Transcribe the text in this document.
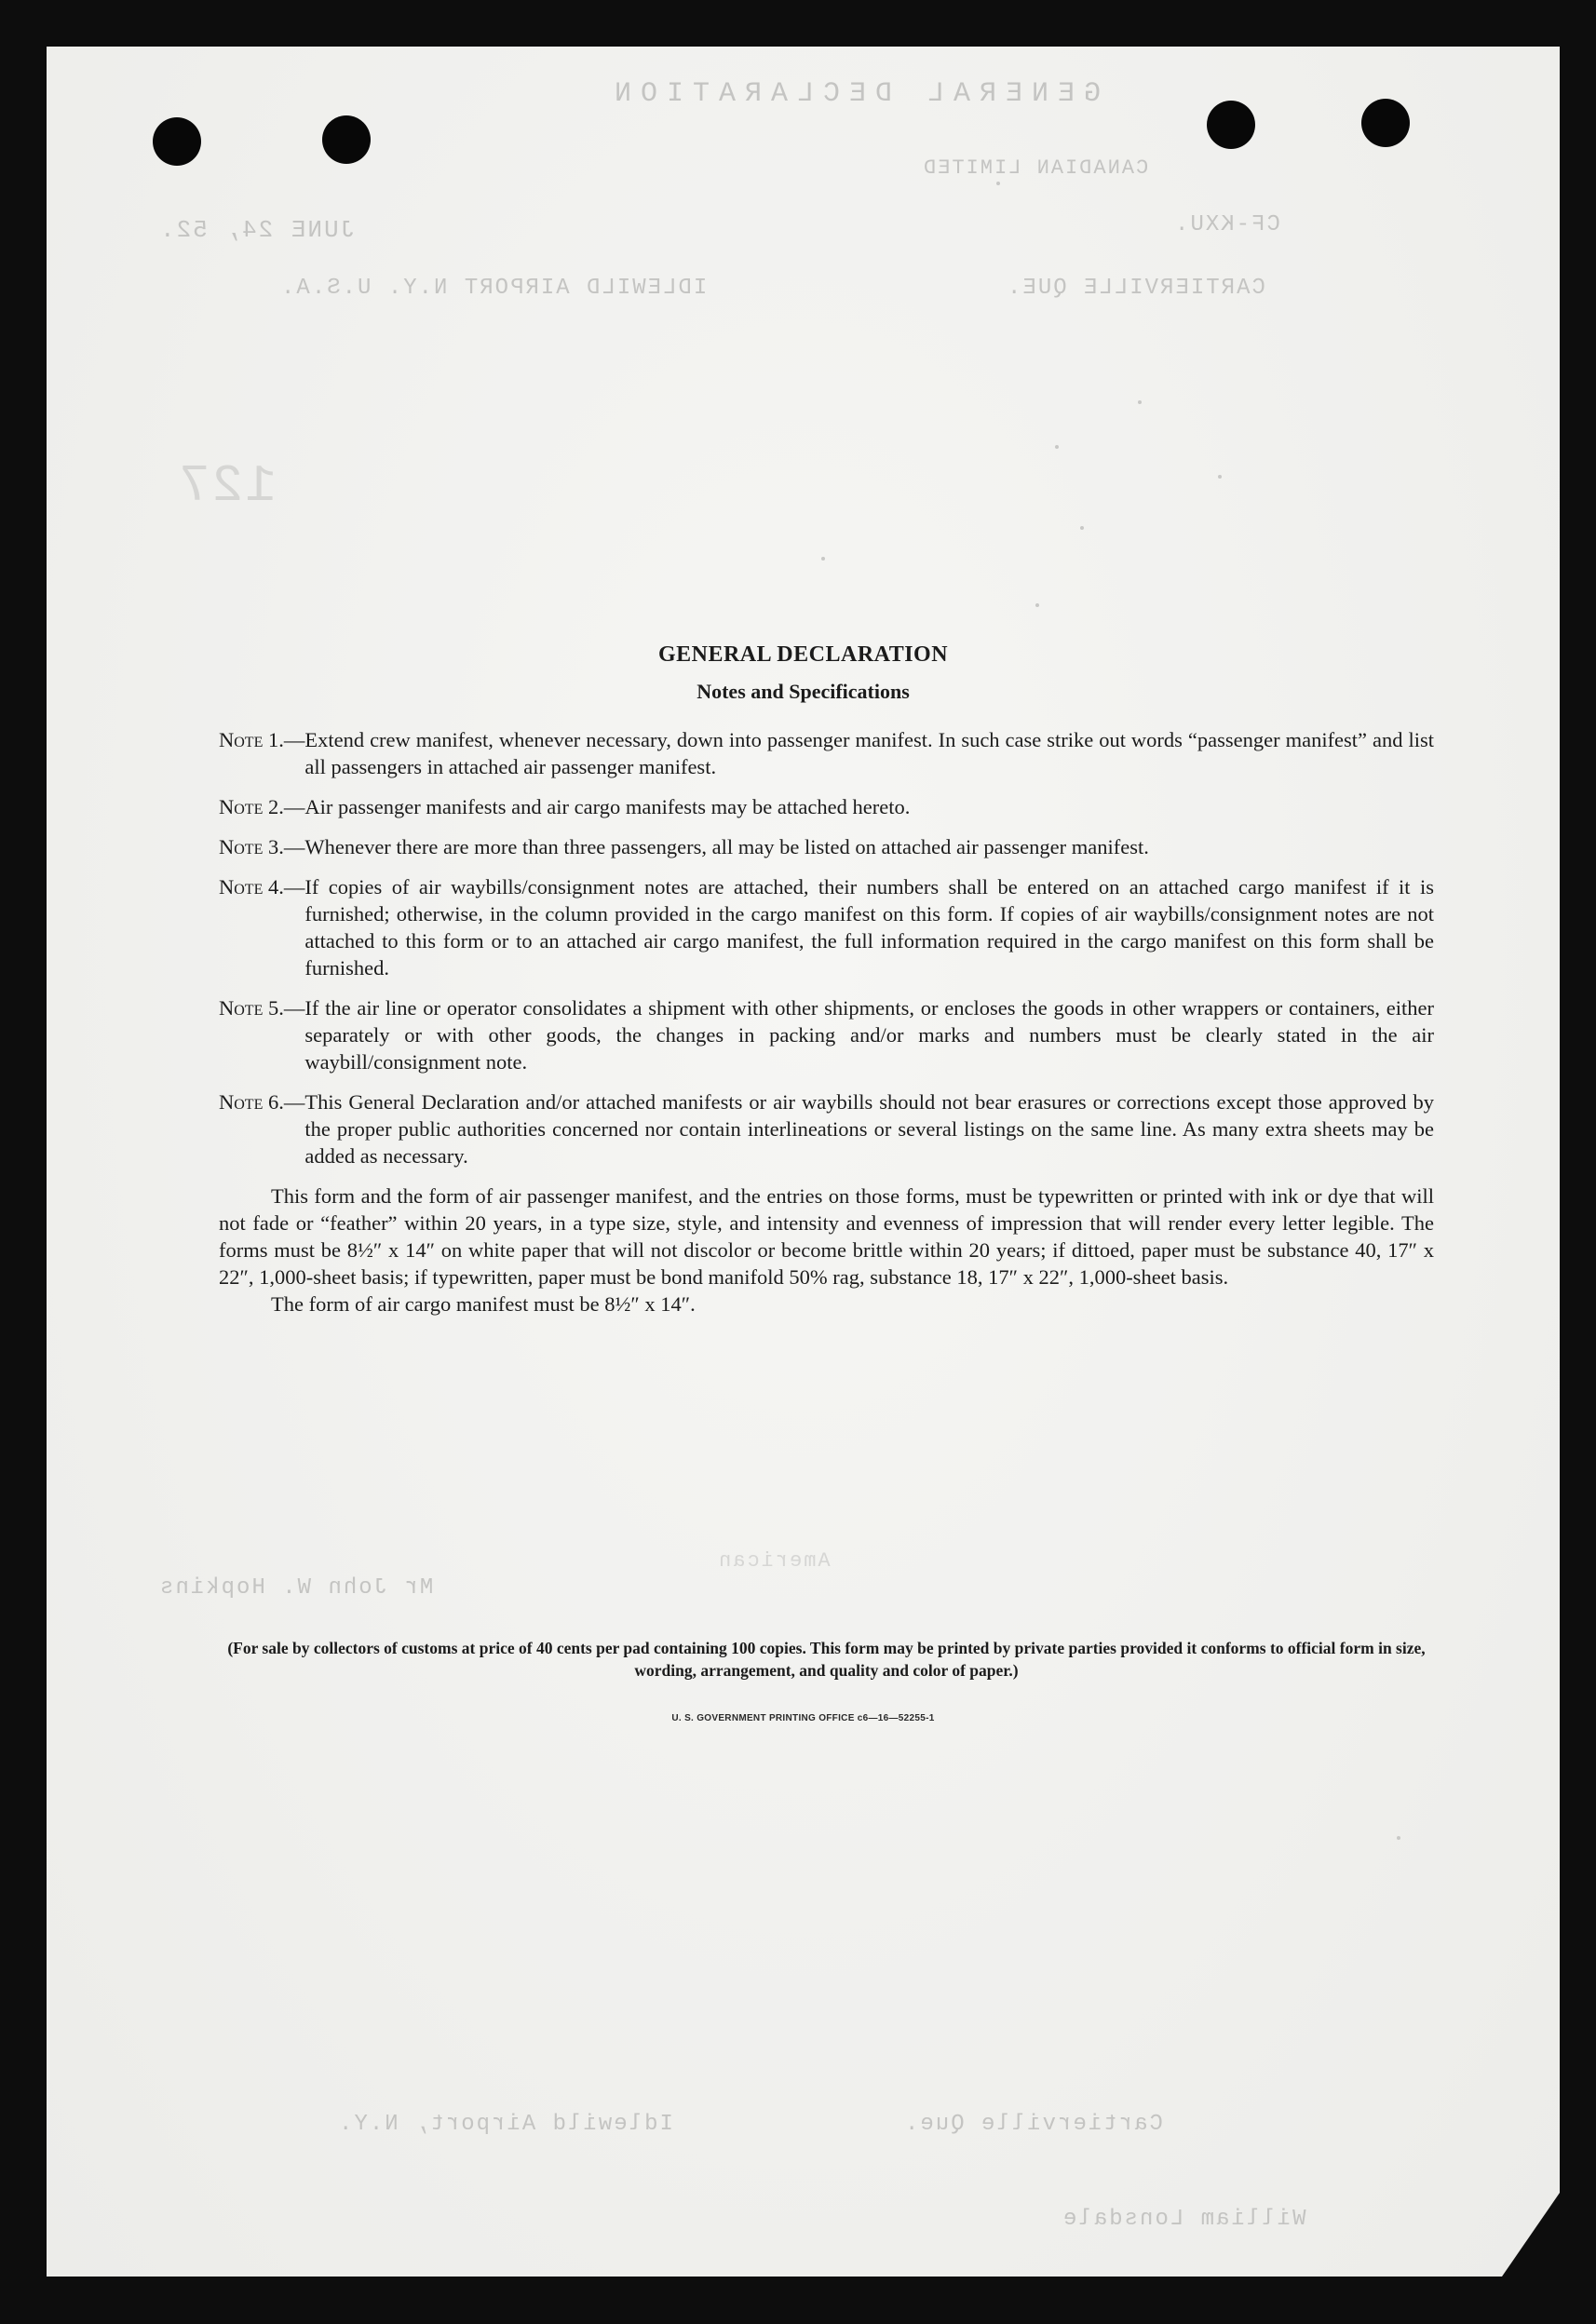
GENERAL DECLARATION
CANADIAN LIMITED
JUNE 24, 52.	CF-KXU.
IDLEWILD AIRPORT N.Y. U.S.A.	CARTIERVILLE QUE.
127
American
Mr John W. Hopkins
Idlewild Airport, N.Y.	Cartierville Que.
William Lonsdale
GENERAL DECLARATION
Notes and Specifications
Note 1. — Extend crew manifest, whenever necessary, down into passenger manifest. In such case strike out words “passenger manifest” and list all passengers in attached air passenger manifest.
Note 2. — Air passenger manifests and air cargo manifests may be attached hereto.
Note 3. — Whenever there are more than three passengers, all may be listed on attached air passenger manifest.
Note 4. — If copies of air waybills/consignment notes are attached, their numbers shall be entered on an attached cargo manifest if it is furnished; otherwise, in the column provided in the cargo manifest on this form. If copies of air waybills/consignment notes are not attached to this form or to an attached air cargo manifest, the full information required in the cargo manifest on this form shall be furnished.
Note 5. — If the air line or operator consolidates a shipment with other shipments, or encloses the goods in other wrappers or containers, either separately or with other goods, the changes in packing and/or marks and numbers must be clearly stated in the air waybill/consignment note.
Note 6. — This General Declaration and/or attached manifests or air waybills should not bear erasures or corrections except those approved by the proper public authorities concerned nor contain interlineations or several listings on the same line. As many extra sheets may be added as necessary.
This form and the form of air passenger manifest, and the entries on those forms, must be typewritten or printed with ink or dye that will not fade or “feather” within 20 years, in a type size, style, and intensity and evenness of impression that will render every letter legible. The forms must be 8½″ x 14″ on white paper that will not discolor or become brittle within 20 years; if dittoed, paper must be substance 40, 17″ x 22″, 1,000-sheet basis; if typewritten, paper must be bond manifold 50% rag, substance 18, 17″ x 22″, 1,000-sheet basis.
The form of air cargo manifest must be 8½″ x 14″.
(For sale by collectors of customs at price of 40 cents per pad containing 100 copies. This form may be printed by private parties provided it conforms to official form in size, wording, arrangement, and quality and color of paper.)
U. S. GOVERNMENT PRINTING OFFICE c6—16—52255-1
